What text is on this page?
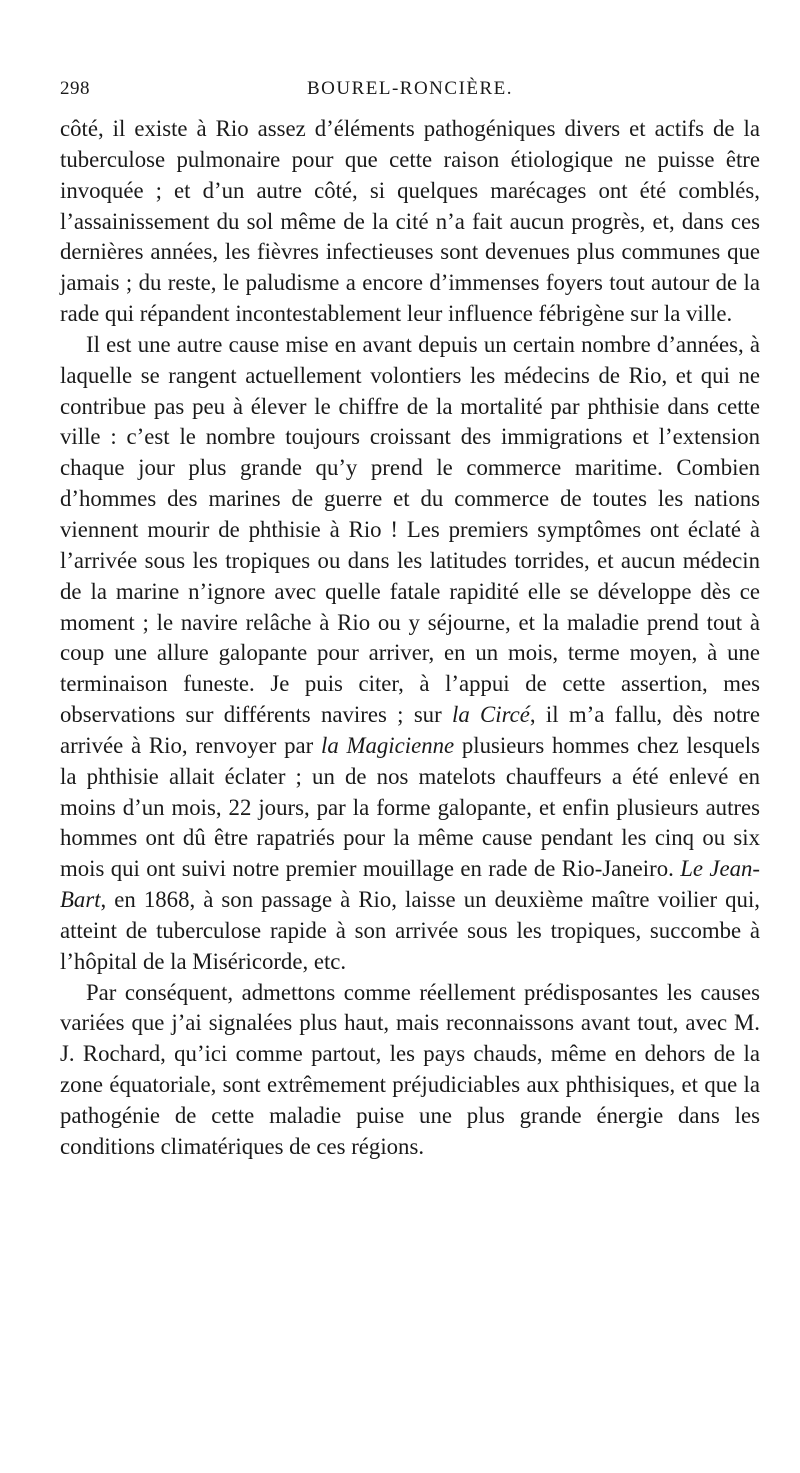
298	BOUREL-RONCIÈRE.

côté, il existe à Rio assez d’éléments pathogéniques divers et actifs de la tuberculose pulmonaire pour que cette raison étiologique ne puisse être invoquée ; et d’un autre côté, si quelques marécages ont été comblés, l’assainissement du sol même de la cité n’a fait aucun progrès, et, dans ces dernières années, les fièvres infectieuses sont devenues plus communes que jamais ; du reste, le paludisme a encore d’immenses foyers tout autour de la rade qui répandent incontestablement leur influence fébrigène sur la ville.

Il est une autre cause mise en avant depuis un certain nombre d’années, à laquelle se rangent actuellement volontiers les médecins de Rio, et qui ne contribue pas peu à élever le chiffre de la mortalité par phthisie dans cette ville : c’est le nombre toujours croissant des immigrations et l’extension chaque jour plus grande qu’y prend le commerce maritime. Combien d’hommes des marines de guerre et du commerce de toutes les nations viennent mourir de phthisie à Rio ! Les premiers symptômes ont éclaté à l’arrivée sous les tropiques ou dans les latitudes torrides, et aucun médecin de la marine n’ignore avec quelle fatale rapidité elle se développe dès ce moment ; le navire relâche à Rio ou y séjourne, et la maladie prend tout à coup une allure galopante pour arriver, en un mois, terme moyen, à une terminaison funeste. Je puis citer, à l’appui de cette assertion, mes observations sur différents navires ; sur la Circé, il m’a fallu, dès notre arrivée à Rio, renvoyer par la Magicienne plusieurs hommes chez lesquels la phthisie allait éclater ; un de nos matelots chauffeurs a été enlevé en moins d’un mois, 22 jours, par la forme galopante, et enfin plusieurs autres hommes ont dû être rapatriés pour la même cause pendant les cinq ou six mois qui ont suivi notre premier mouillage en rade de Rio-Janeiro. Le Jean-Bart, en 1868, à son passage à Rio, laisse un deuxième maître voilier qui, atteint de tuberculose rapide à son arrivée sous les tropiques, succombe à l’hôpital de la Miséricorde, etc.

Par conséquent, admettons comme réellement prédisposantes les causes variées que j’ai signalées plus haut, mais reconnaissons avant tout, avec M. J. Rochard, qu’ici comme partout, les pays chauds, même en dehors de la zone équatoriale, sont extrêmement préjudiciables aux phthisiques, et que la pathogénie de cette maladie puise une plus grande énergie dans les conditions climatériques de ces régions.
